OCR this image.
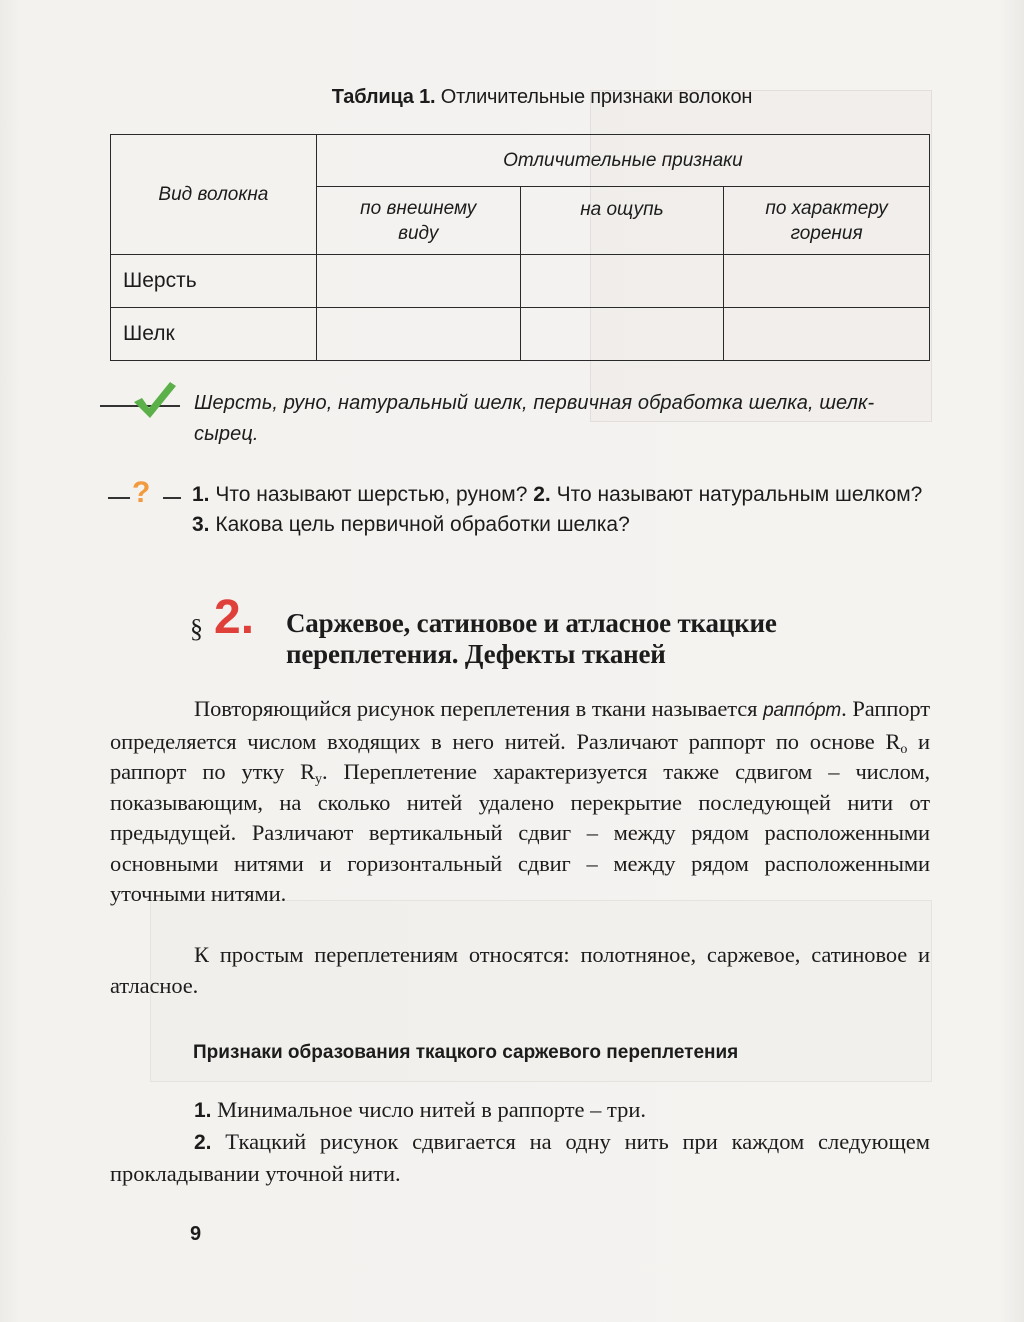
Таблица 1. Отличительные признаки волокон
Вид волокна	Отличительные признаки		
	по внешнему виду	на ощупь	по характеру горения
Шерсть			
Шелк			
Шерсть, руно, натуральный шелк, первичная обработка шелка, шелк-сырец.
? 1. Что называют шерстью, руном? 2. Что называют натуральным шелком? 3. Какова цель первичной обработки шелка?
§ 2. Саржевое, сатиновое и атласное ткацкие переплетения. Дефекты тканей

Повторяющийся рисунок переплетения в ткани называется раппóрт. Раппорт определяется числом входящих в него нитей. Различают раппорт по основе $R_о$ и раппорт по утку $R_у$. Переплетение характеризуется также сдвигом – числом, показывающим, на сколько нитей удалено перекрытие последующей нити от предыдущей. Различают вертикальный сдвиг – между рядом расположенными основными нитями и горизонтальный сдвиг – между рядом расположенными уточными нитями.

К простым переплетениям относятся: полотняное, саржевое, сатиновое и атласное.

Признаки образования ткацкого саржевого переплетения

1. Минимальное число нитей в раппорте – три.

2. Ткацкий рисунок сдвигается на одну нить при каждом следующем прокладывании уточной нити.

9
